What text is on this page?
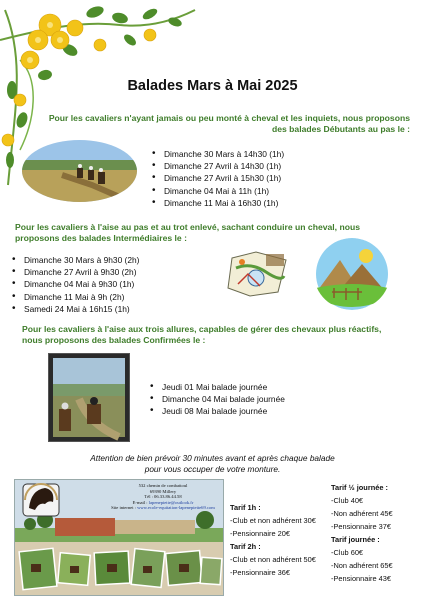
Balades Mars à Mai 2025
Pour les cavaliers n'ayant jamais ou peu monté à cheval et les inquiets, nous proposons
des balades Débutants au pas le :
• Dimanche 30 Mars à 14h30 (1h)
• Dimanche 27 Avril à 14h30 (1h)
• Dimanche 27 Avril à 15h30 (1h)
• Dimanche 04 Mai à 11h (1h)
• Dimanche 11 Mai à 16h30 (1h)
Pour les cavaliers à l'aise au pas et au trot enlevé, sachant conduire un cheval, nous
proposons des balades Intermédiaires le :
• Dimanche 30 Mars à 9h30 (2h)
• Dimanche 27 Avril à 9h30 (2h)
• Dimanche 04 Mai à 9h30 (1h)
• Dimanche 11 Mai à 9h (2h)
• Samedi 24 Mai à 16h15 (1h)
Pour les cavaliers à l'aise aux trois allures, capables de gérer des chevaux plus réactifs,
nous proposons des balades Confirmées le :
• Jeudi 01 Mai balade journée
• Dimanche 04 Mai balade journée
• Jeudi 08 Mai balade journée
Attention de bien prévoir 30 minutes avant et après chaque balade
pour vous occuper de votre monture.
532 chemin de combattoul
69390 Millery
Tél : 06.33.86.44.58
E-mail : lapenepiette@outlook.fr
Site internet : www.ecole-equitation-lapenepiette69.com	Tarif 1h :
-Club et non adhérent 30€
-Pensionnaire 20€
Tarif 2h :
-Club et non adhérent 50€
-Pensionnaire 36€
Tarif ½ journée :
-Club 40€
-Non adhérent 45€
-Pensionnaire 37€
Tarif journée :
-Club 60€
-Non adhérent 65€
-Pensionnaire 43€
